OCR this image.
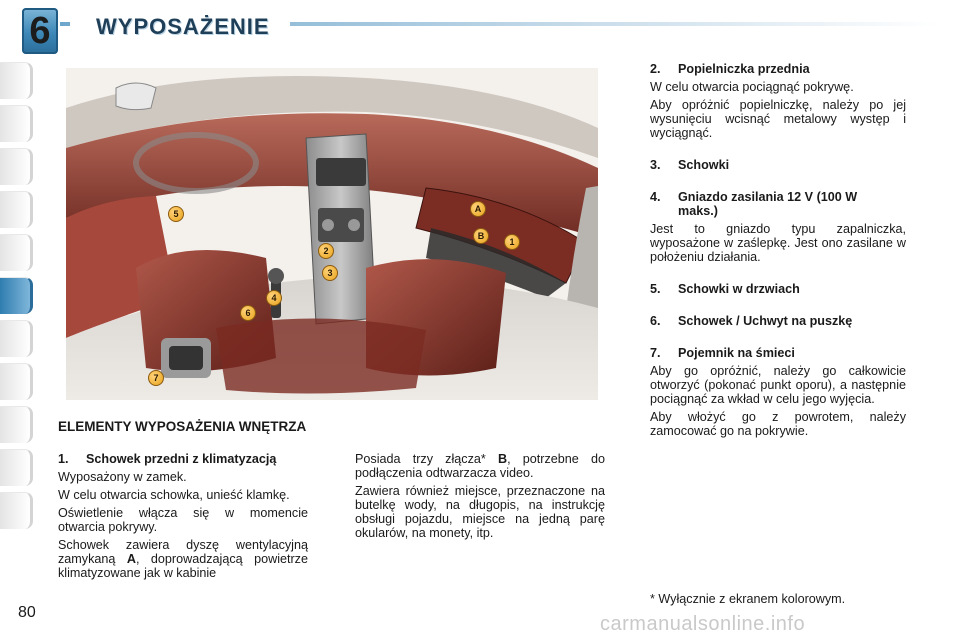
6	WYPOSAŻENIE
A
B
1
2
3
4
5
6
7
ELEMENTY WYPOSAŻENIA WNĘTRZA
1.	Schowek przedni z klimatyzacją

Wyposażony w zamek.

W celu otwarcia schowka, unieść klamkę.

Oświetlenie włącza się w momencie otwarcia pokrywy.

Schowek zawiera dyszę wentylacyjną zamykaną A, doprowadzającą powietrze klimatyzowane jak w kabinie

Posiada trzy złącza* B, potrzebne do podłączenia odtwarzacza video.

Zawiera również miejsce, przeznaczone na butelkę wody, na długopis, na instrukcję obsługi pojazdu, miejsce na jedną parę okularów, na monety, itp.

2.	Popielniczka przednia

W celu otwarcia pociągnąć pokrywę.

Aby opróżnić popielniczkę, należy po jej wysunięciu wcisnąć metalowy występ i wyciągnąć.

3.	Schowki
4.	Gniazdo zasilania 12 V (100 W maks.)

Jest to gniazdo typu zapalniczka, wyposażone w zaślepkę. Jest ono zasilane w położeniu działania.

5.	Schowki w drzwiach
6.	Schowek / Uchwyt na puszkę
7.	Pojemnik na śmieci

Aby go opróżnić, należy go całkowicie otworzyć (pokonać punkt oporu), a następnie pociągnąć za wkład w celu jego wyjęcia.

Aby włożyć go z powrotem, należy zamocować go na pokrywie.

* Wyłącznie z ekranem kolorowym.
80
carmanualsonline.info
